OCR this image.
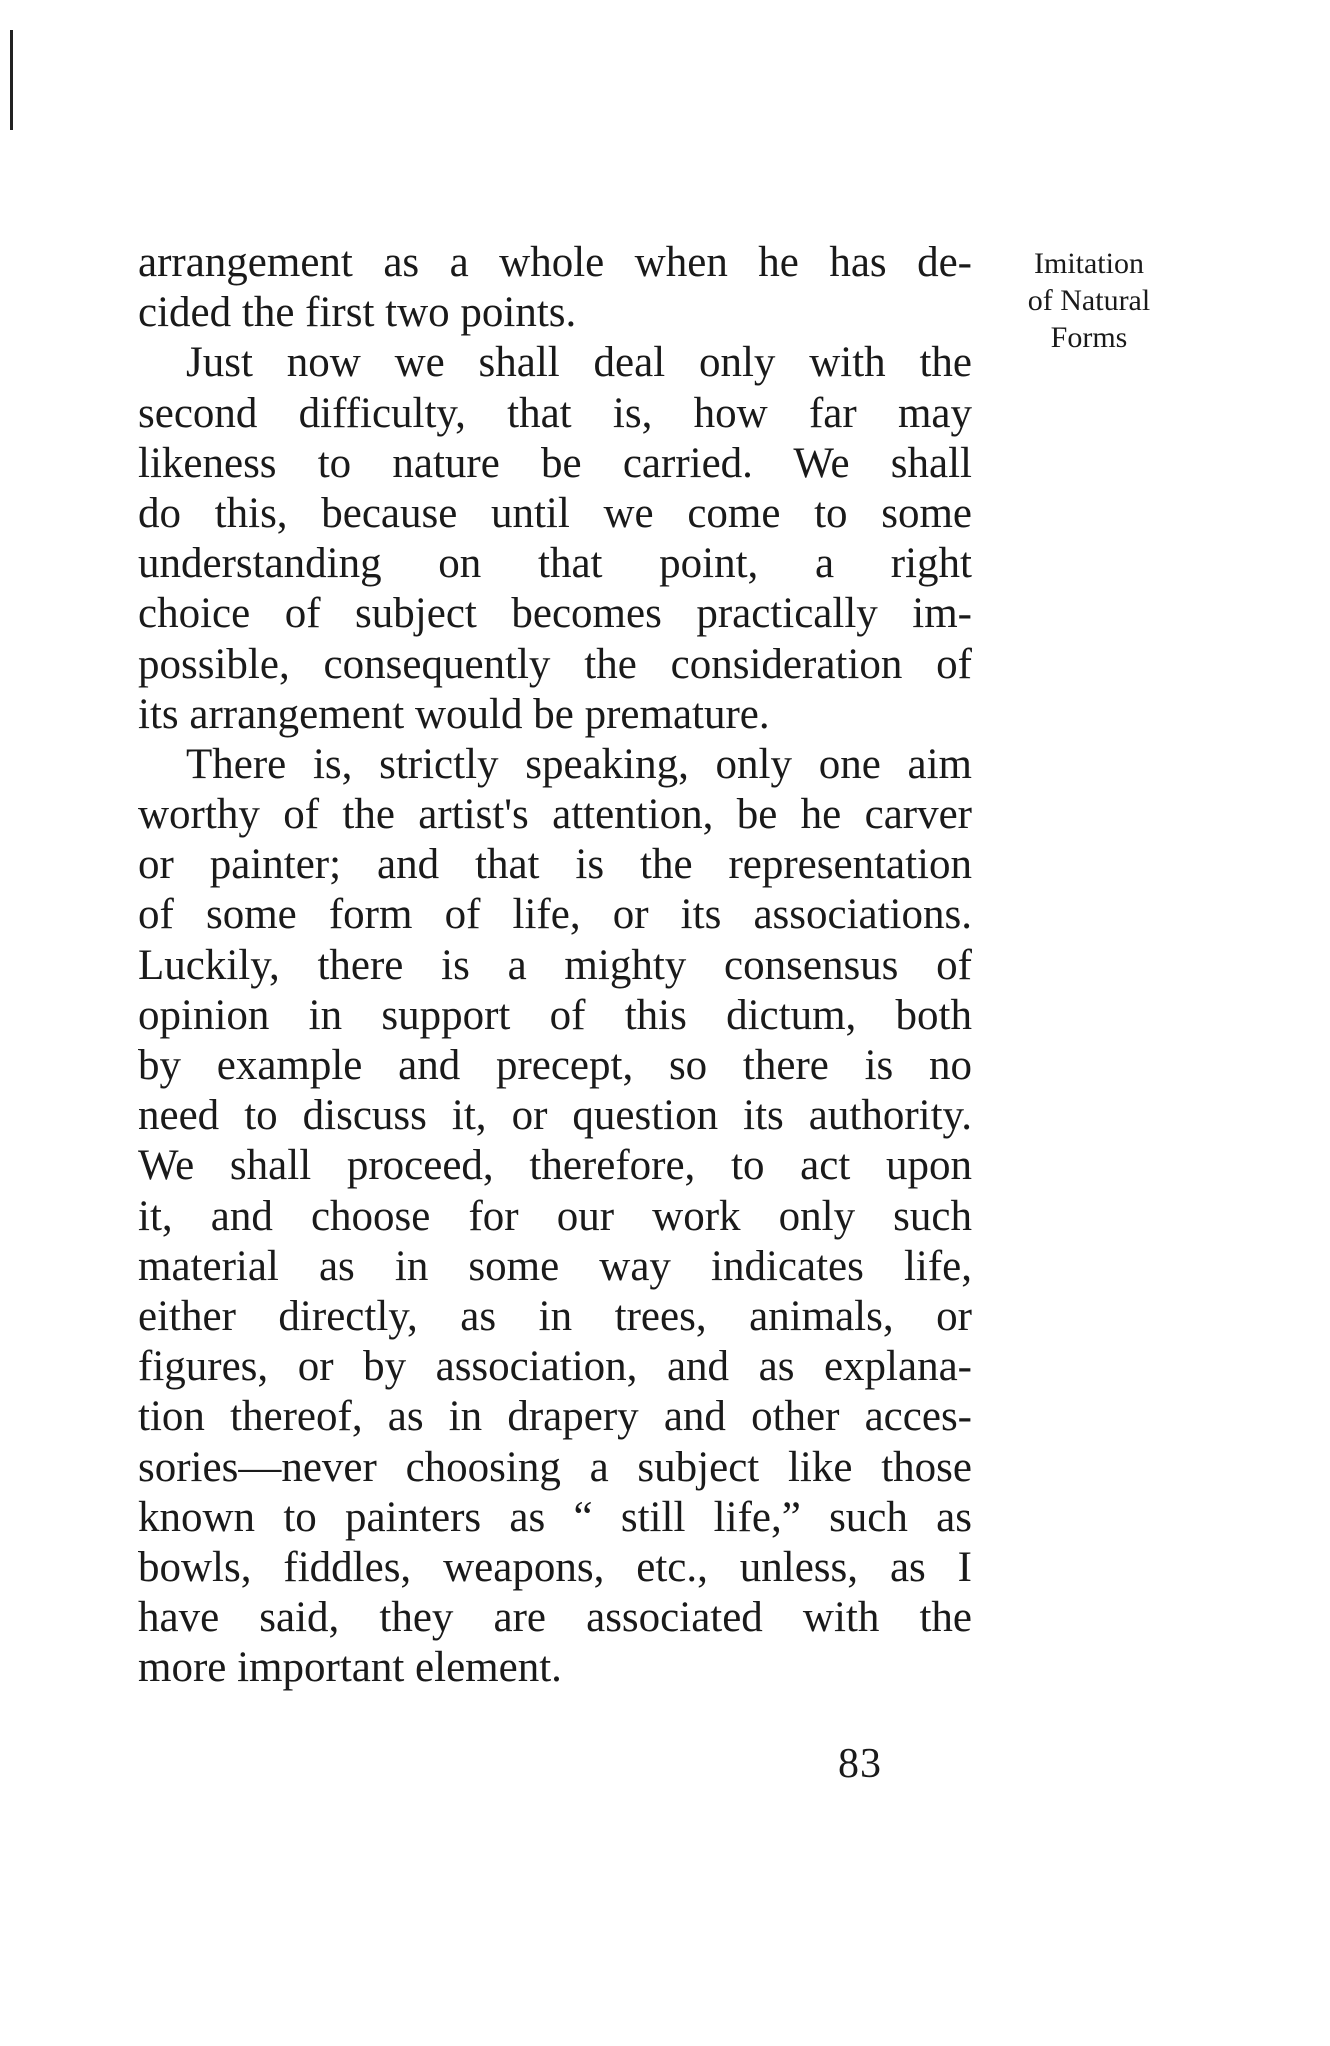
arrangement as a whole when he has de-
cided the first two points.
Just now we shall deal only with the
second difficulty, that is, how far may
likeness to nature be carried. We shall
do this, because until we come to some
understanding on that point, a right
choice of subject becomes practically im-
possible, consequently the consideration of
its arrangement would be premature.
There is, strictly speaking, only one aim
worthy of the artist's attention, be he carver
or painter; and that is the representation
of some form of life, or its associations.
Luckily, there is a mighty consensus of
opinion in support of this dictum, both
by example and precept, so there is no
need to discuss it, or question its authority.
We shall proceed, therefore, to act upon
it, and choose for our work only such
material as in some way indicates life,
either directly, as in trees, animals, or
figures, or by association, and as explana-
tion thereof, as in drapery and other acces-
sories—never choosing a subject like those
known to painters as “ still life,” such as
bowls, fiddles, weapons, etc., unless, as I
have said, they are associated with the
more important element.
Imitation
of Natural
Forms
83
